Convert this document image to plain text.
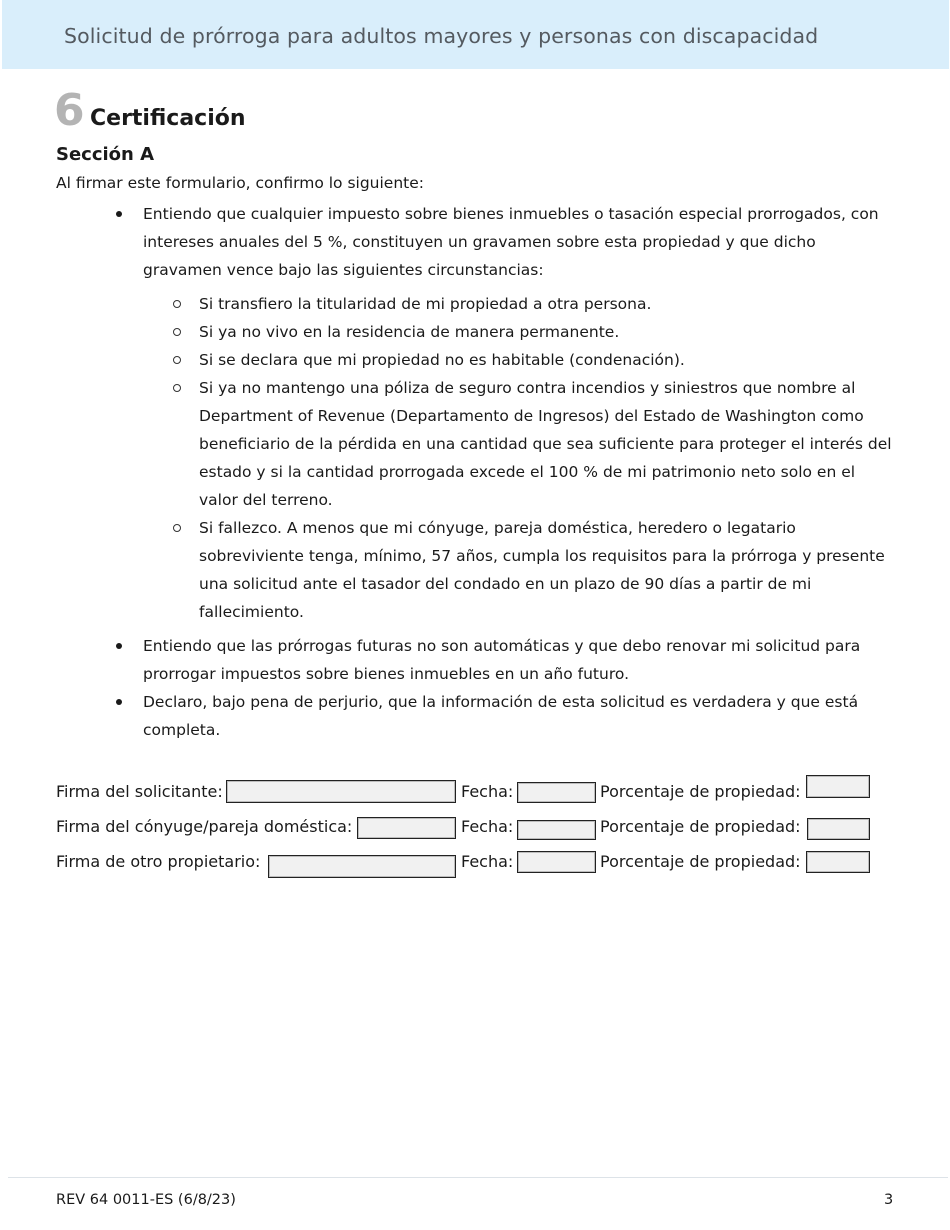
Solicitud de prórroga para adultos mayores y personas con discapacidad
6 Certificación
Sección A
Al firmar este formulario, confirmo lo siguiente:
Entiendo que cualquier impuesto sobre bienes inmuebles o tasación especial prorrogados, con intereses anuales del 5 %, constituyen un gravamen sobre esta propiedad y que dicho gravamen vence bajo las siguientes circunstancias:
Si transfiero la titularidad de mi propiedad a otra persona.
Si ya no vivo en la residencia de manera permanente.
Si se declara que mi propiedad no es habitable (condenación).
Si ya no mantengo una póliza de seguro contra incendios y siniestros que nombre al Department of Revenue (Departamento de Ingresos) del Estado de Washington como beneficiario de la pérdida en una cantidad que sea suficiente para proteger el interés del estado y si la cantidad prorrogada excede el 100 % de mi patrimonio neto solo en el valor del terreno.
Si fallezco. A menos que mi cónyuge, pareja doméstica, heredero o legatario sobreviviente tenga, mínimo, 57 años, cumpla los requisitos para la prórroga y presente una solicitud ante el tasador del condado en un plazo de 90 días a partir de mi fallecimiento.
Entiendo que las prórrogas futuras no son automáticas y que debo renovar mi solicitud para prorrogar impuestos sobre bienes inmuebles en un año futuro.
Declaro, bajo pena de perjurio, que la información de esta solicitud es verdadera y que está completa.
Firma del solicitante:	Fecha:	Porcentaje de propiedad:
Firma del cónyuge/pareja doméstica:	Fecha:	Porcentaje de propiedad:
Firma de otro propietario:	Fecha:	Porcentaje de propiedad:
REV 64 0011-ES (6/8/23)	3
